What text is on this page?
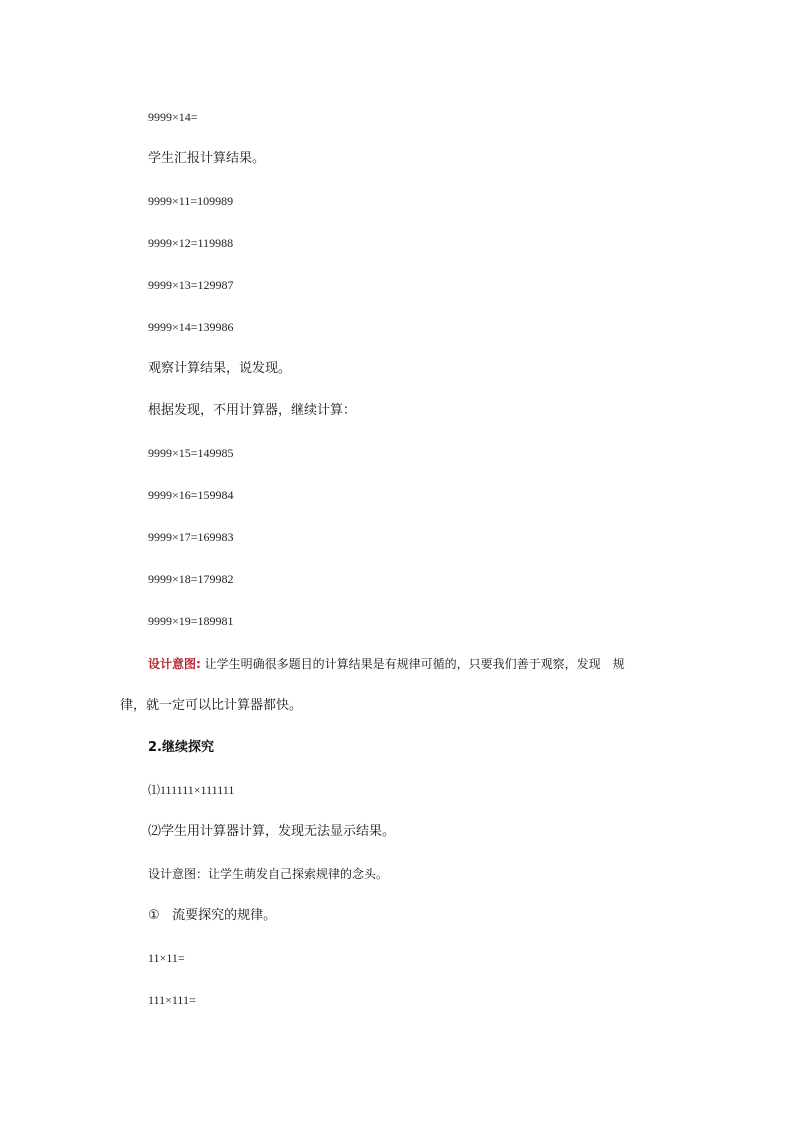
9999×14=
学生汇报计算结果。
9999×11=109989
9999×12=119988
9999×13=129987
9999×14=139986
观察计算结果，说发现。
根据发现，不用计算器，继续计算：
9999×15=149985
9999×16=159984
9999×17=169983
9999×18=179982
9999×19=189981
设计意图: 让学生明确很多题目的计算结果是有规律可循的，只要我们善于观察，发现　规
律，就一定可以比计算器都快。
2.继续探究
⑴111111×111111
⑵学生用计算器计算，发现无法显示结果。
设计意图：让学生萌发自己探索规律的念头。
① 流要探究的规律。
11×11=
111×111=
